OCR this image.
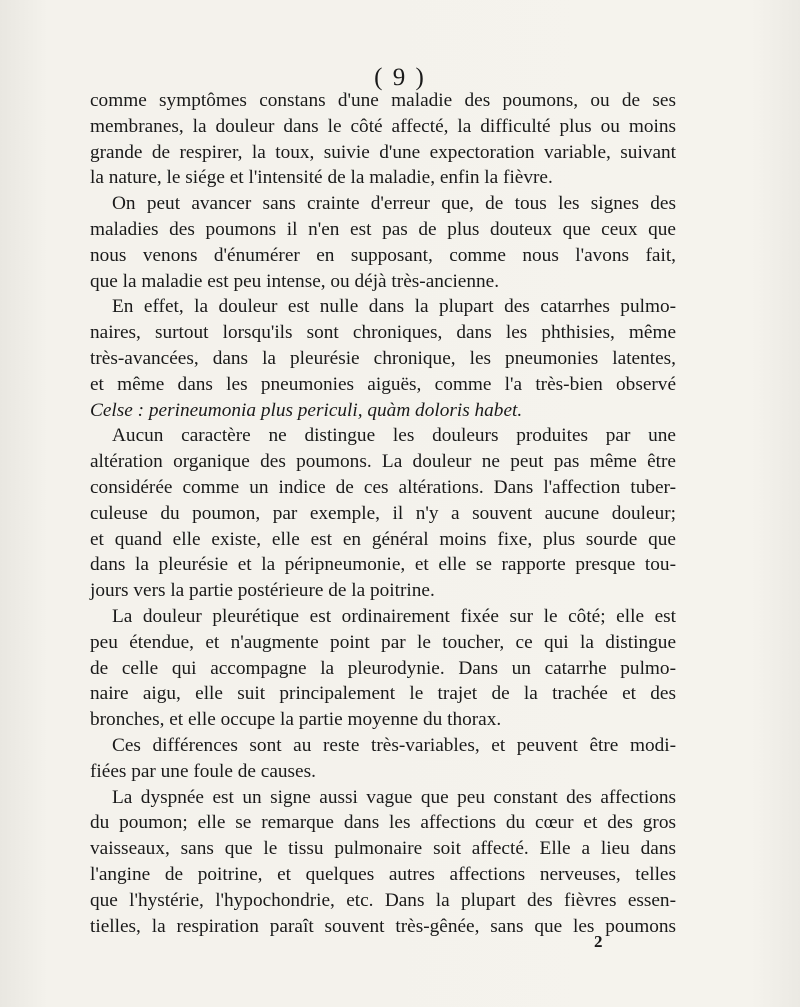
( 9 )
comme symptômes constans d'une maladie des poumons, ou de ses
membranes, la douleur dans le côté affecté, la difficulté plus ou moins
grande de respirer, la toux, suivie d'une expectoration variable, suivant
la nature, le siége et l'intensité de la maladie, enfin la fièvre.
On peut avancer sans crainte d'erreur que, de tous les signes des
maladies des poumons il n'en est pas de plus douteux que ceux que
nous venons d'énumérer en supposant, comme nous l'avons fait,
que la maladie est peu intense, ou déjà très-ancienne.
En effet, la douleur est nulle dans la plupart des catarrhes pulmo-
naires, surtout lorsqu'ils sont chroniques, dans les phthisies, même
très-avancées, dans la pleurésie chronique, les pneumonies latentes,
et même dans les pneumonies aiguës, comme l'a très-bien observé
Celse : perineumonia plus periculi, quàm doloris habet.
Aucun caractère ne distingue les douleurs produites par une
altération organique des poumons. La douleur ne peut pas même être
considérée comme un indice de ces altérations. Dans l'affection tuber-
culeuse du poumon, par exemple, il n'y a souvent aucune douleur;
et quand elle existe, elle est en général moins fixe, plus sourde que
dans la pleurésie et la péripneumonie, et elle se rapporte presque tou-
jours vers la partie postérieure de la poitrine.
La douleur pleurétique est ordinairement fixée sur le côté; elle est
peu étendue, et n'augmente point par le toucher, ce qui la distingue
de celle qui accompagne la pleurodynie. Dans un catarrhe pulmo-
naire aigu, elle suit principalement le trajet de la trachée et des
bronches, et elle occupe la partie moyenne du thorax.
Ces différences sont au reste très-variables, et peuvent être modi-
fiées par une foule de causes.
La dyspnée est un signe aussi vague que peu constant des affections
du poumon; elle se remarque dans les affections du cœur et des gros
vaisseaux, sans que le tissu pulmonaire soit affecté. Elle a lieu dans
l'angine de poitrine, et quelques autres affections nerveuses, telles
que l'hystérie, l'hypochondrie, etc. Dans la plupart des fièvres essen-
tielles, la respiration paraît souvent très-gênée, sans que les poumons
2
